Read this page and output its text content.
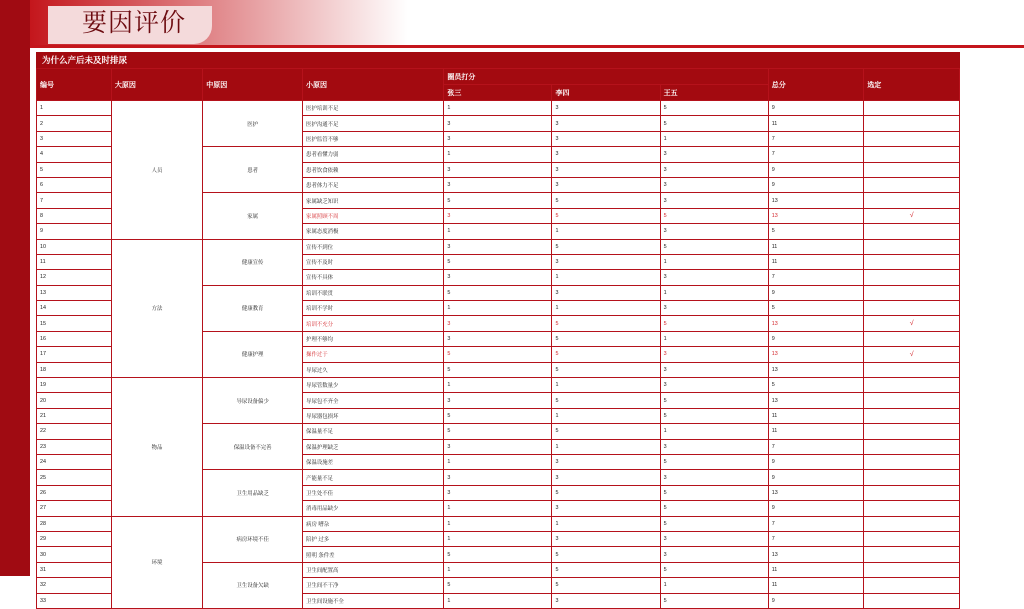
要因评价
为什么产后未及时排尿
编号	大原因	中原因	小原因	圈员打分			总分	选定
				张三	李四	王五		
1	人员	医护	医护培训不足	1	3	5	9	
2			医护沟通不足	3	3	5	11	
3			医护监管不够	3	3	1	7	
4		患者	患者看懂力弱	1	3	3	7	
5			患者饮食依赖	3	3	3	9	
6			患者体力不足	3	3	3	9	
7		家属	家属缺乏知识	5	5	3	13	
8			家属照顾不周	3	5	5	13	√
9			家属态度消极	1	1	3	5	
10	方法	健康宣传	宣传不到位	3	5	5	11	
11			宣传不及时	5	3	1	11	
12			宣传不具体	3	1	3	7	
13		健康教育	培训不联贯	5	3	1	9	
14			培训不学时	1	1	3	5	
15			培训不充分	3	5	5	13	√
16		健康护理	护理不够均	3	5	1	9	
17			操作过于	5	5	3	13	√
18			导尿过久	5	5	3	13	
19	物品	导尿设备偏少	导尿管数量少	1	1	3	5	
20			导尿包不齐全	3	5	5	13	
21			导尿器包损坏	5	1	5	11	
22		保温设备不完善	保温量不足	5	5	1	11	
23			保温护理缺乏	3	1	3	7	
24			保温设施差	1	3	5	9	
25		卫生用品缺乏	产能量不足	3	3	3	9	
26			卫生处不佳	3	5	5	13	
27			消毒用品缺少	1	3	5	9	
28	环境	病房环境不佳	病房 嘈杂	1	1	5	7	
29			陪护 过多	1	3	3	7	
30			照明 条件差	5	5	3	13	
31		卫生设备欠缺	卫生间配置高	1	5	5	11	
32			卫生间不干净	5	5	1	11	
33			卫生间设施不全	1	3	5	9	
